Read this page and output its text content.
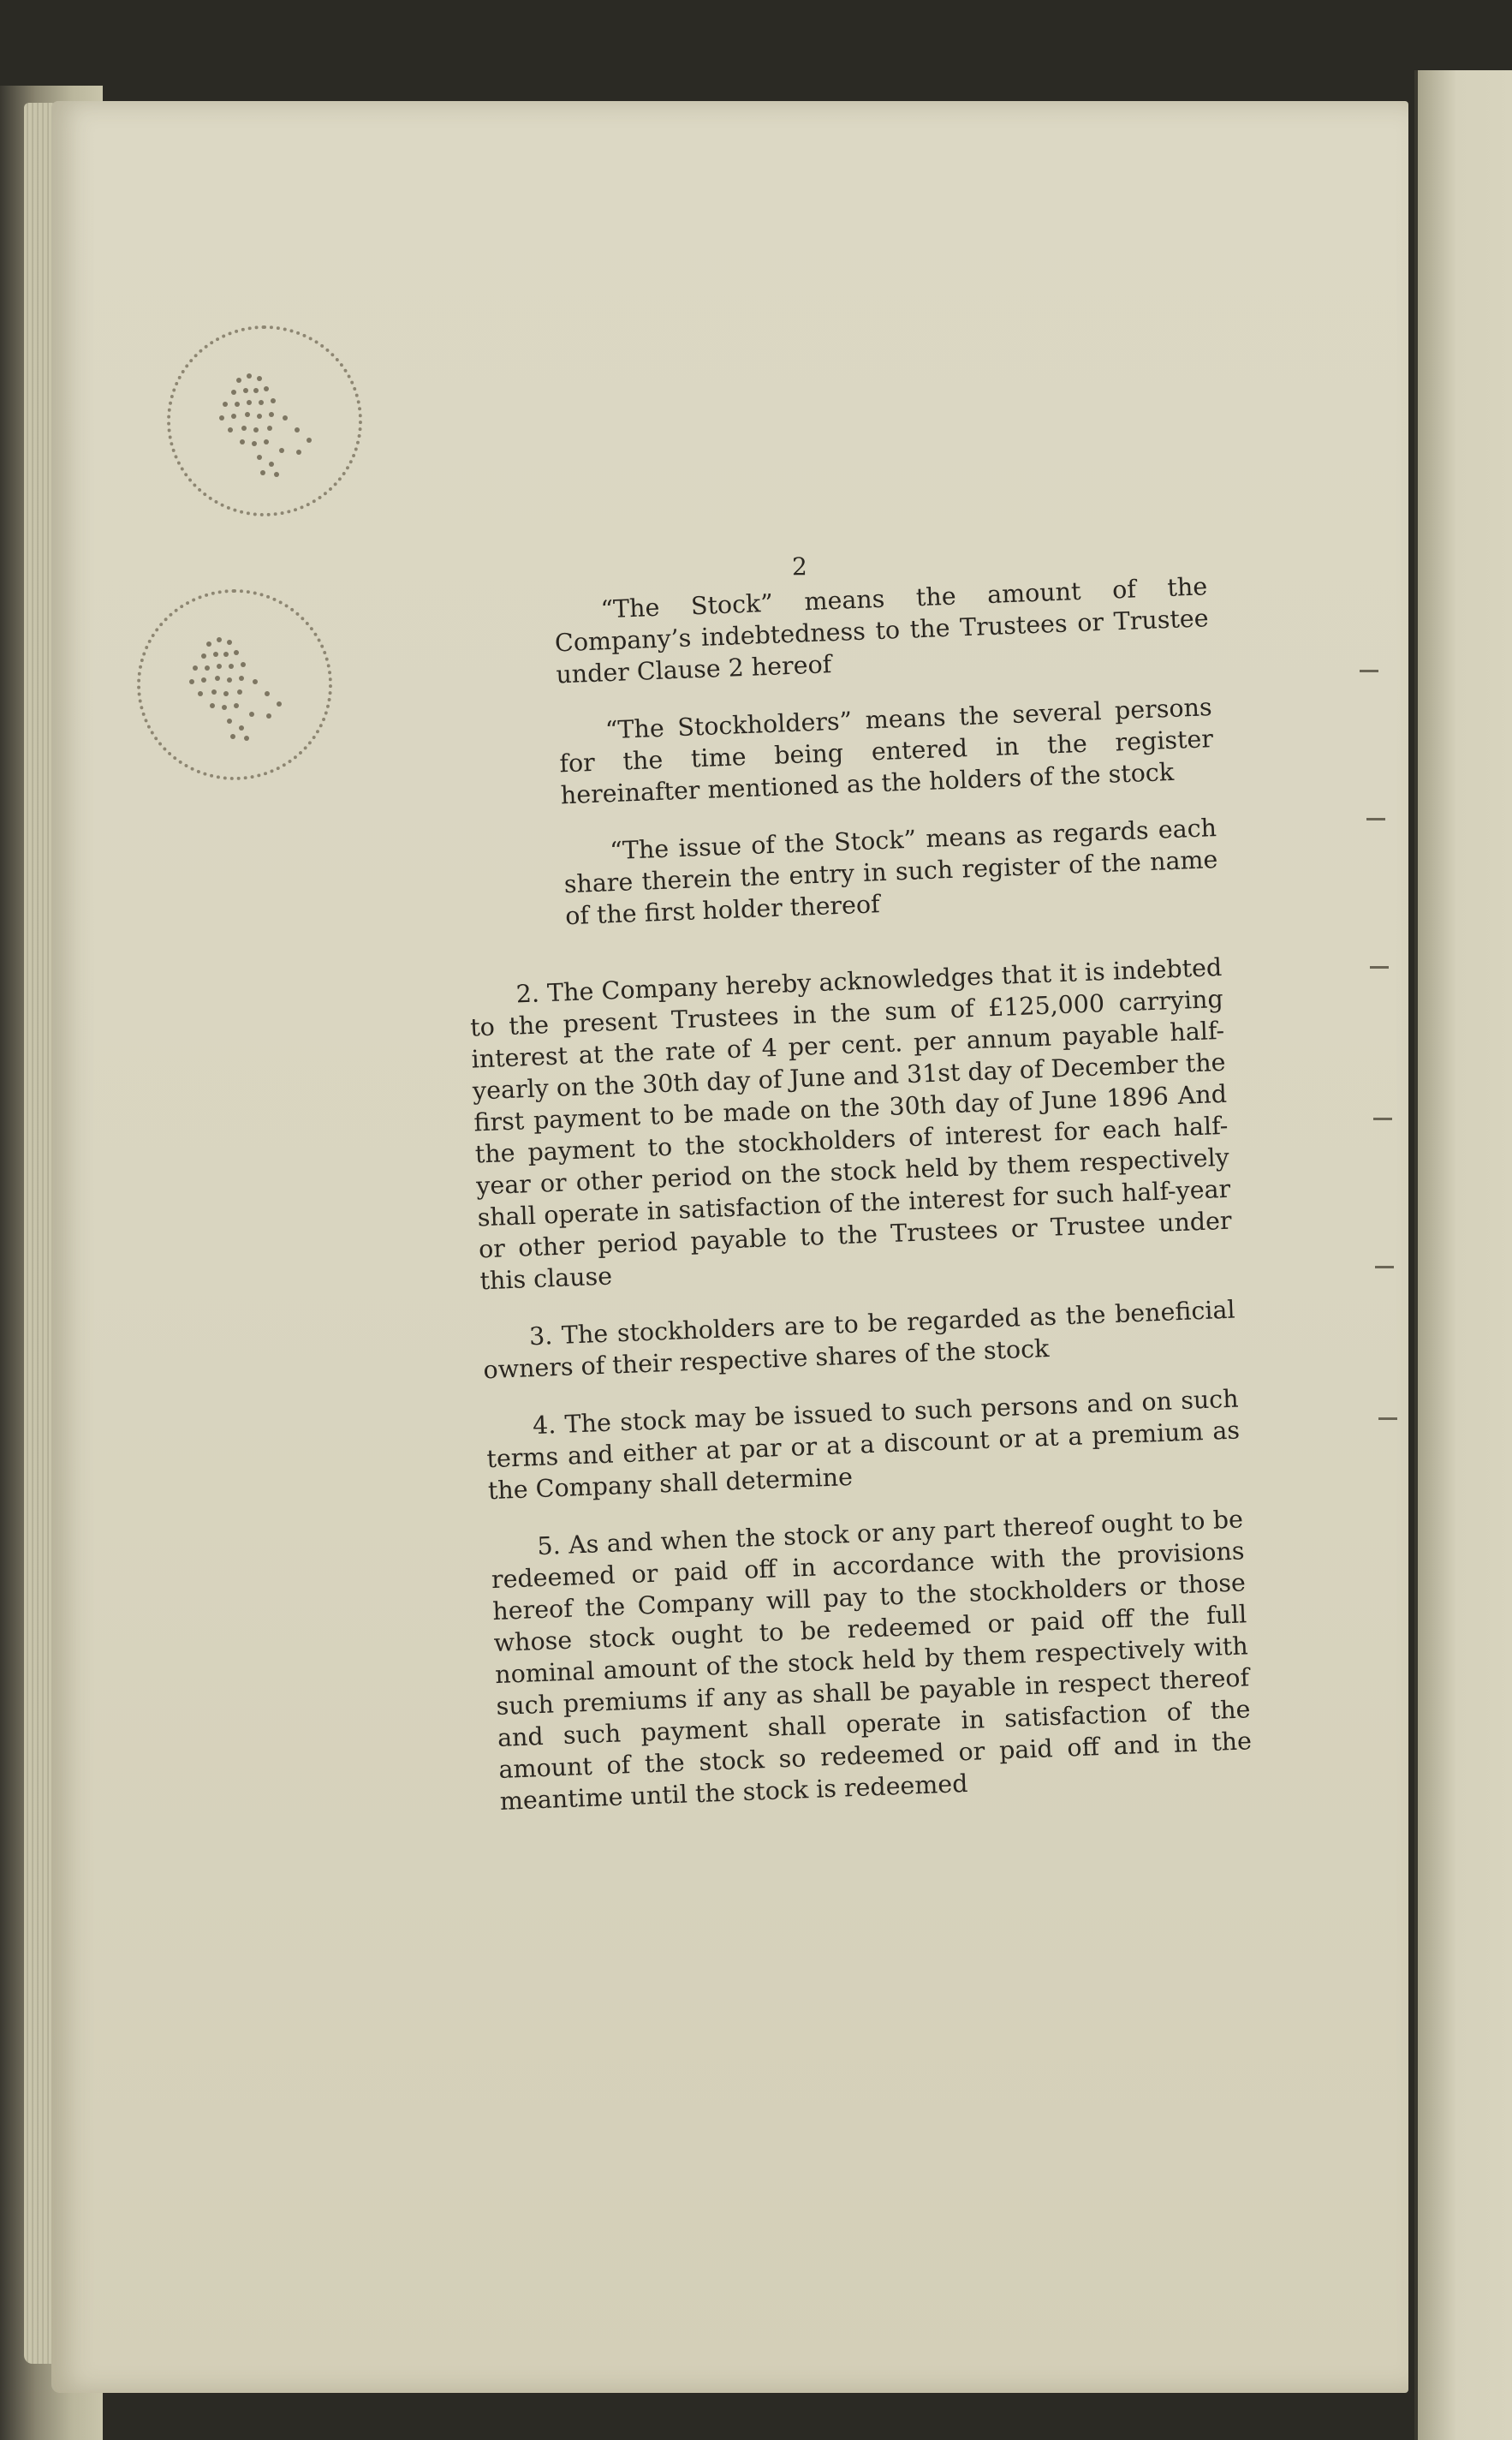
2

“The Stock” means the amount of the Company’s indebtedness to the Trustees or Trustee under Clause 2 hereof

“The Stockholders” means the several persons for the time being entered in the register hereinafter mentioned as the holders of the stock

“The issue of the Stock” means as regards each share therein the entry in such register of the name of the first holder thereof

2. The Company hereby acknowledges that it is indebted to the present Trustees in the sum of £125,000 carrying interest at the rate of 4 per cent. per annum payable half-yearly on the 30th day of June and 31st day of December the first payment to be made on the 30th day of June 1896 And the payment to the stockholders of interest for each half-year or other period on the stock held by them respectively shall operate in satisfaction of the interest for such half-year or other period payable to the Trustees or Trustee under this clause

3. The stockholders are to be regarded as the beneficial owners of their respective shares of the stock

4. The stock may be issued to such persons and on such terms and either at par or at a discount or at a premium as the Company shall determine

5. As and when the stock or any part thereof ought to be redeemed or paid off in accordance with the provisions hereof the Company will pay to the stockholders or those whose stock ought to be redeemed or paid off the full nominal amount of the stock held by them respectively with such premiums if any as shall be payable in respect thereof and such payment shall operate in satisfaction of the amount of the stock so redeemed or paid off and in the meantime until the stock is redeemed
